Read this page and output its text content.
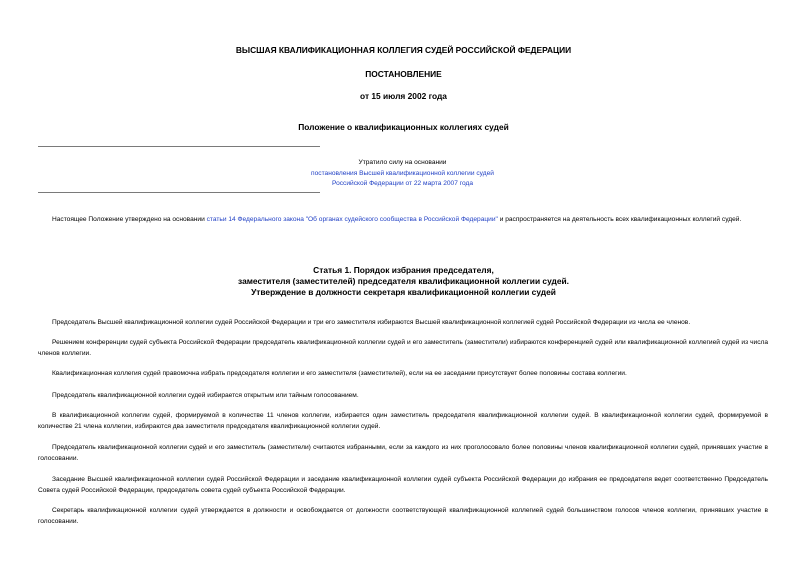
ВЫСШАЯ КВАЛИФИКАЦИОННАЯ КОЛЛЕГИЯ СУДЕЙ РОССИЙСКОЙ ФЕДЕРАЦИИ
ПОСТАНОВЛЕНИЕ
от 15 июля 2002 года
Положение о квалификационных коллегиях судей
Утратило силу на основании
постановления Высшей квалификационной коллегии судей
Российской Федерации от 22 марта 2007 года

Настоящее Положение утверждено на основании статьи 14 Федерального закона "Об органах судейского сообщества в Российской Федерации" и распространяется на деятельность всех квалификационных коллегий судей.

Статья 1. Порядок избрания председателя,
заместителя (заместителей) председателя квалификационной коллегии судей.
Утверждение в должности секретаря квалификационной коллегии судей

Председатель Высшей квалификационной коллегии судей Российской Федерации и три его заместителя избираются Высшей квалификационной коллегией судей Российской Федерации из числа ее членов.

Решением конференции судей субъекта Российской Федерации председатель квалификационной коллегии судей и его заместитель (заместители) избираются конференцией судей или квалификационной коллегией судей из числа членов коллегии.

Квалификационная коллегия судей правомочна избрать председателя коллегии и его заместителя (заместителей), если на ее заседании присутствует более половины состава коллегии.

Председатель квалификационной коллегии судей избирается открытым или тайным голосованием.

В квалификационной коллегии судей, формируемой в количестве 11 членов коллегии, избирается один заместитель председателя квалификационной коллегии судей. В квалификационной коллегии судей, формируемой в количестве 21 члена коллегии, избираются два заместителя председателя квалификационной коллегии судей.

Председатель квалификационной коллегии судей и его заместитель (заместители) считаются избранными, если за каждого из них проголосовало более половины членов квалификационной коллегии судей, принявших участие в голосовании.

Заседание Высшей квалификационной коллегии судей Российской Федерации и заседание квалификационной коллегии судей субъекта Российской Федерации до избрания ее председателя ведет соответственно Председатель Совета судей Российской Федерации, председатель совета судей субъекта Российской Федерации.

Секретарь квалификационной коллегии судей утверждается в должности и освобождается от должности соответствующей квалификационной коллегией судей большинством голосов членов коллегии, принявших участие в голосовании.
